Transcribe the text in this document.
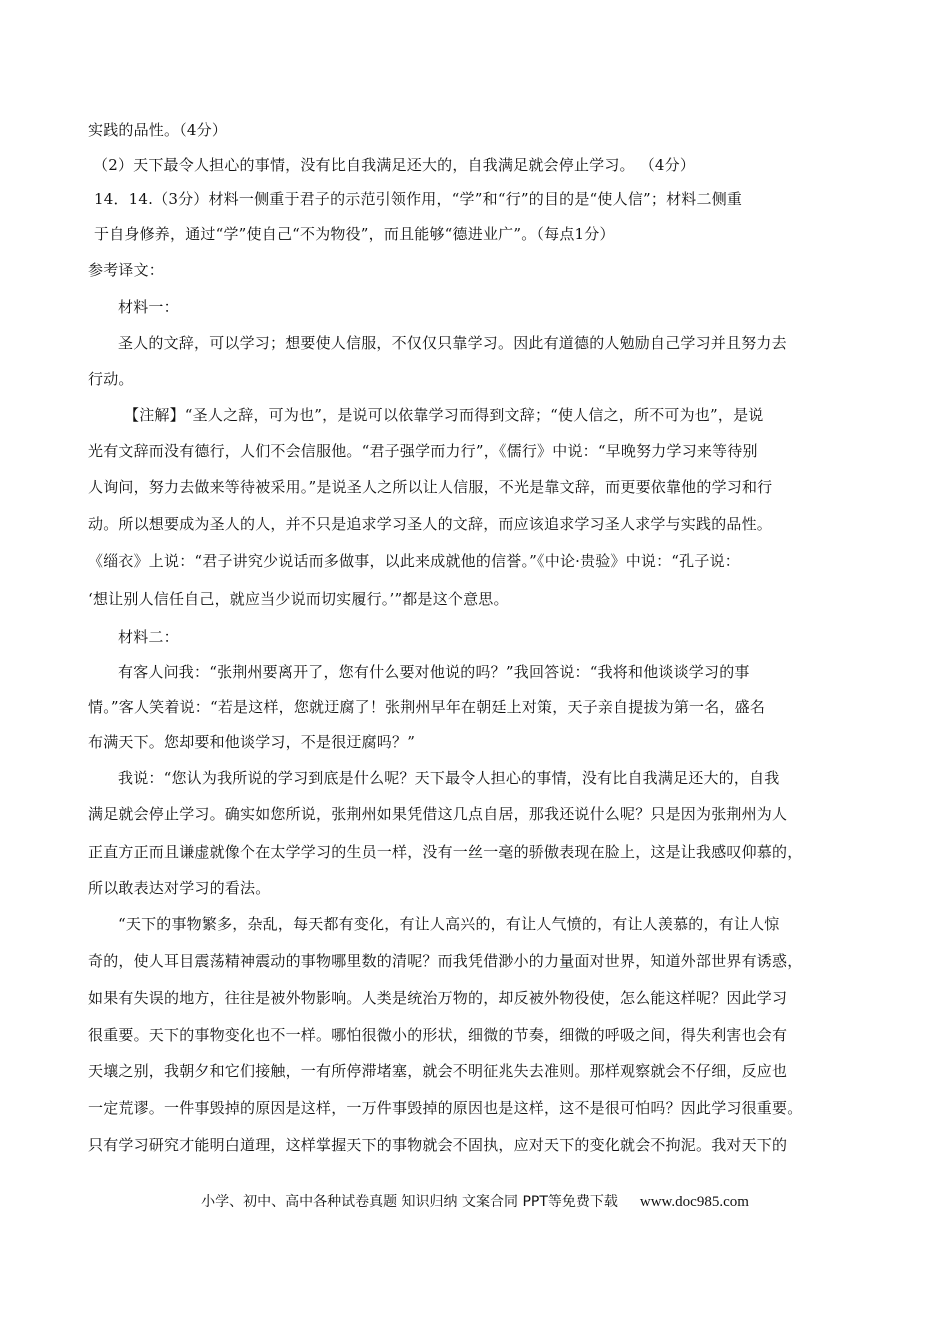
实践的品性。（4分）
（2）天下最令人担心的事情，没有比自我满足还大的，自我满足就会停止学习。 （4分）
14．14.（3分）材料一侧重于君子的示范引领作用，“学”和“行”的目的是“使人信”；材料二侧重
于自身修养，通过“学”使自己“不为物役”，而且能够“德进业广”。（每点1分）
参考译文：
材料一：
圣人的文辞，可以学习；想要使人信服，不仅仅只靠学习。因此有道德的人勉励自己学习并且努力去
行动。
【注解】“圣人之辞，可为也”，是说可以依靠学习而得到文辞；“使人信之，所不可为也”，是说
光有文辞而没有德行，人们不会信服他。“君子强学而力行”，《儒行》中说：“早晚努力学习来等待别
人询问，努力去做来等待被采用。”是说圣人之所以让人信服，不光是靠文辞，而更要依靠他的学习和行
动。所以想要成为圣人的人，并不只是追求学习圣人的文辞，而应该追求学习圣人求学与实践的品性。
《缁衣》上说：“君子讲究少说话而多做事，以此来成就他的信誉。”《中论·贵验》中说：“孔子说：
‘想让别人信任自己，就应当少说而切实履行。’”都是这个意思。
材料二：
有客人问我：“张荆州要离开了，您有什么要对他说的吗？”我回答说：“我将和他谈谈学习的事
情。”客人笑着说：“若是这样，您就迂腐了！张荆州早年在朝廷上对策，天子亲自提拔为第一名，盛名
布满天下。您却要和他谈学习，不是很迂腐吗？”
我说：“您认为我所说的学习到底是什么呢？天下最令人担心的事情，没有比自我满足还大的，自我
满足就会停止学习。确实如您所说，张荆州如果凭借这几点自居，那我还说什么呢？只是因为张荆州为人
正直方正而且谦虚就像个在太学学习的生员一样，没有一丝一毫的骄傲表现在脸上，这是让我感叹仰慕的，
所以敢表达对学习的看法。
“天下的事物繁多，杂乱，每天都有变化，有让人高兴的，有让人气愤的，有让人羡慕的，有让人惊
奇的，使人耳目震荡精神震动的事物哪里数的清呢？而我凭借渺小的力量面对世界，知道外部世界有诱惑，
如果有失误的地方，往往是被外物影响。人类是统治万物的，却反被外物役使，怎么能这样呢？因此学习
很重要。天下的事物变化也不一样。哪怕很微小的形状，细微的节奏，细微的呼吸之间，得失利害也会有
天壤之别，我朝夕和它们接触，一有所停滞堵塞，就会不明征兆失去准则。那样观察就会不仔细，反应也
一定荒谬。一件事毁掉的原因是这样，一万件事毁掉的原因也是这样，这不是很可怕吗？因此学习很重要。
只有学习研究才能明白道理，这样掌握天下的事物就会不固执，应对天下的变化就会不拘泥。我对天下的
小学、初中、高中各种试卷真题 知识归纳 文案合同 PPT等免费下载 www.doc985.com
